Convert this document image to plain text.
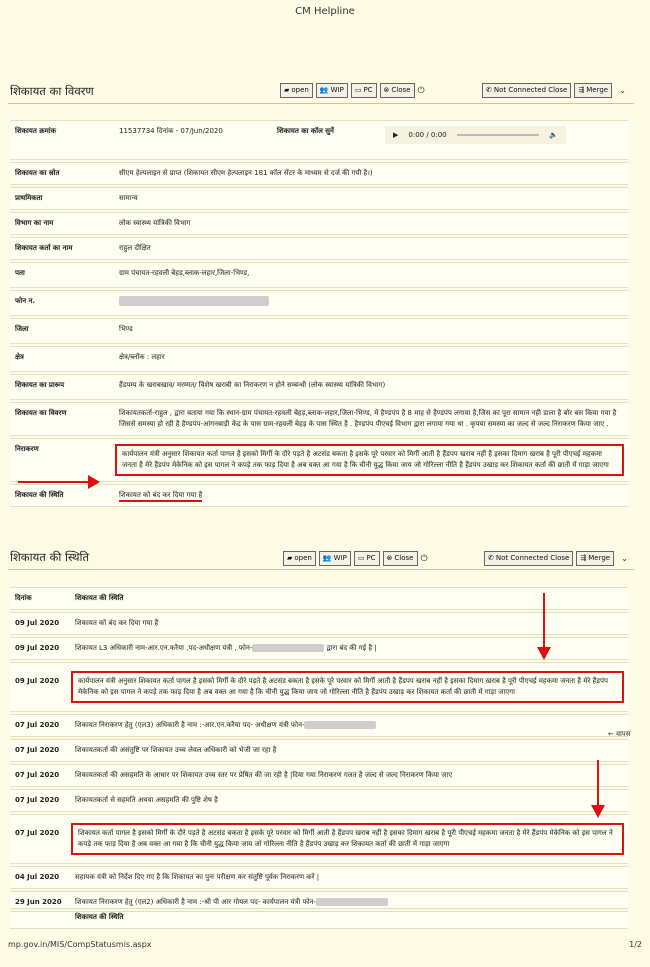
CM Helpline
शिकायत का विवरण	▰ open 👥 WIP ▭ PC ⊗ Close ⏻	✆ Not Connected Close ⇶ Merge ⌄
शिकायत क्रमांक	11537734 दिनांक - 07/Jun/2020	शिकायत का कॉल सुनें	▶ 0:00 / 0:00 🔈

शिकायत का स्रोत	सीएम हेल्पलाइन से प्राप्त (शिकायत सीएम हेल्पलाइन 181 कॉल सेंटर के माध्यम से दर्ज की गयी है।)		
प्राथमिकता	सामान्य		
विभाग का नाम	लोक स्वास्थ्य यांत्रिकी विभाग		
शिकायत कर्ता का नाम	राहुल दीक्षित		
पता	ग्राम पंचायत-रहवली बेहड़,ब्लाक-लहार,जिला-भिण्ड,		
फोन न.			
जिला	भिण्ड		
क्षेत्र	क्षेत्र/ब्लॉक : लहार		
शिकायत का प्रारूप	हैंडपम्प के खराबखाव/ मरम्मत/ विशेष खराबी का निराकरण न होने सम्बन्धी (लोक स्वास्थ्य यांत्रिकी विभाग)		
शिकायत का विवरण	शिकायतकर्ता-राहुल , द्वारा बताया गया कि स्थान-ग्राम पंचायत-रहवली बेहड़,ब्लाक-लहार,जिला-भिण्ड, में हैण्डपंप है 8 माह से हैण्डपंप लगाया है,जिस का पूरा सामान नही डाला है बोर बस किया गया है जिससे समस्या हो रही है हैण्डपंप-आंगनबाड़ी केंद्र के पास ग्राम-रहवली बेहड़ के पास स्थित है . हैण्डपंप पीएचई विभाग द्वारा लगाया गया था . कृपया समस्या का जल्द से जल्द निराकरण किया जाए .		
निराकरण	कार्यपालन यंत्री अनुसार शिकायत कर्ता पागल है इसको मिर्गी के दौरे पड़ते है अटसंड बकता है इसके पूरे परवार को मिर्गी आती है हैंडपप खराब नहीं है इसका दिमाग खराब है पूरी पीएचई महकमा जनता है मेरे हैंडपंप मेकेनिक को इस पागल ने कपड़े तक फाड़ दिया है अब वक्त आ गया है कि चीनी युद्ध किया जाय जो गोरिल्ला नीति है हैंडपंप उखाड़ कर शिकायत कर्ता की छाती में गाड़ा जाएगा		

शिकायत की स्थिति	शिकायत को बंद कर दिया गया है		
शिकायत की स्थिति	▰ open 👥 WIP ▭ PC ⊗ Close ⏻	✆ Not Connected Close ⇶ Merge ⌄
दिनांक	शिकायत की स्थिति
09 Jul 2020	शिकायत को बंद कर दिया गया है
09 Jul 2020	शिकायत L3 अधिकारी नाम-आर.एन.करैया ,पद-अधीक्षण यंत्री , फोन- द्वारा बंद की गई है |
09 Jul 2020	कार्यपालन यंत्री अनुसार शिकायत कर्ता पागल है इसको मिर्गी के दौरे पड़ते है अटसंड बकता है इसके पूरे परवार को मिर्गी आती है हैंडपप खराब नहीं है इसका दिमाग खराब है पूरी पीएचई महकमा जनता है मेरे हैंडपंप मेकेनिक को इस पागल ने कपड़े तक फाड़ दिया है अब वक्त आ गया है कि चीनी युद्ध किया जाय जो गोरिल्ला नीति है हैंडपंप उखाड़ कर शिकायत कर्ता की छाती में गाड़ा जाएगा

07 Jul 2020	शिकायत निराकरण हेतु (एल3) अधिकारी है नाम :-आर.एन.करैया पद- अधीक्षण यंत्री फोन-
07 Jul 2020	शिकायतकर्ता की असंतुष्टि पर शिकायत उच्च लेवल अधिकारी को भेजी जा रहा है
07 Jul 2020	शिकायतकर्ता की असहमति के आधार पर शिकायत उच्च स्तर पर प्रेषित की जा रही है |दिया गया निराकरण गलत है जल्द से जल्द निराकरण किया जाए
07 Jul 2020	शिकायतकर्ता से सहमति अथवा असहमति की पुष्टि शेष है
07 Jul 2020	शिकायत कर्ता पागल है इसको मिर्गी के दौरे पड़ते है अटसंड बकता है इसके पूरे परवार को मिर्गी आती है हैंडपप खराब नहीं है इसका दिमाग खराब है पूरी पीएचई महकमा जनता है मेरे हैंडपंप मेकेनिक को इस पागल ने कपड़े तक फाड़ दिया है अब वक्त आ गया है कि चीनी युद्ध किया जाय जो गोरिल्ला नीति है हैंडपंप उखाड़ कर शिकायत कर्ता की छाती में गाड़ा जाएगा

04 Jul 2020	सहायक यंत्री को निर्देश दिए गए है कि शिकायत का पुनः परीक्षण कर संतुष्टि पूर्वक निराकरण करें |
29 Jun 2020	शिकायत निराकरण हेतु (एल2) अधिकारी है नाम :-श्री पी आर गोयल पद- कार्यपालन यंत्री फोन-
	शिकायत की स्थिति
← वापस
mp.gov.in/MIS/CompStatusmis.aspx	1/2
